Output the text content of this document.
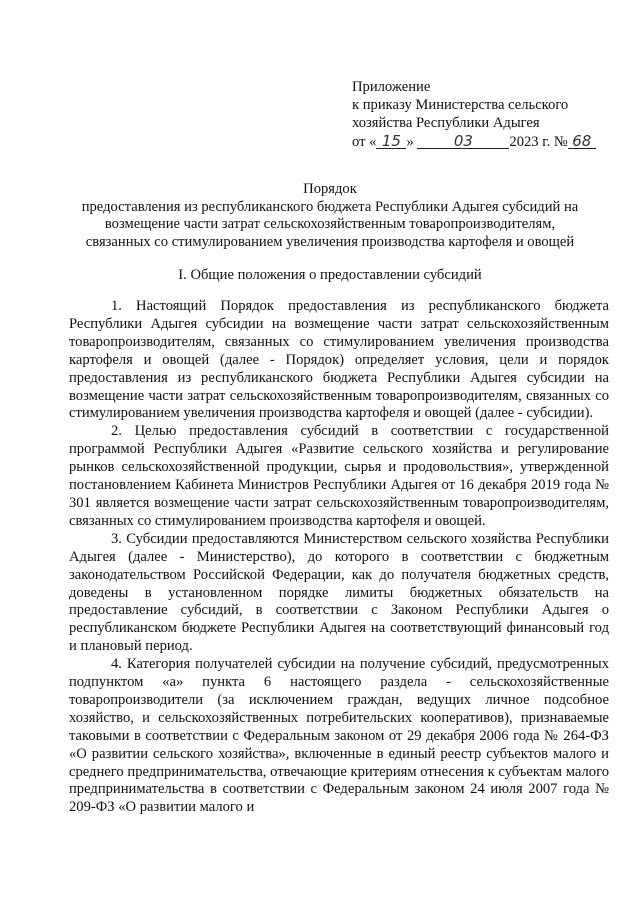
Приложение
к приказу Министерства сельского
хозяйства Республики Адыгея
от « 15 »	03 2023 г. № 68
Порядок
предоставления из республиканского бюджета Республики Адыгея субсидий на
возмещение части затрат сельскохозяйственным товаропроизводителям,
связанных со стимулированием увеличения производства картофеля и овощей
I. Общие положения о предоставлении субсидий

1. Настоящий Порядок предоставления из республиканского бюджета Республики Адыгея субсидии на возмещение части затрат сельскохозяйственным товаропроизводителям, связанных со стимулированием увеличения производства картофеля и овощей (далее - Порядок) определяет условия, цели и порядок предоставления из республиканского бюджета Республики Адыгея субсидии на возмещение части затрат сельскохозяйственным товаропроизводителям, связанных со стимулированием увеличения производства картофеля и овощей (далее - субсидии).

2. Целью предоставления субсидий в соответствии с государственной программой Республики Адыгея «Развитие сельского хозяйства и регулирование рынков сельскохозяйственной продукции, сырья и продовольствия», утвержденной постановлением Кабинета Министров Республики Адыгея от 16 декабря 2019 года № 301 является возмещение части затрат сельскохозяйственным товаропроизводителям, связанных со стимулированием производства картофеля и овощей.

3. Субсидии предоставляются Министерством сельского хозяйства Республики Адыгея (далее - Министерство), до которого в соответствии с бюджетным законодательством Российской Федерации, как до получателя бюджетных средств, доведены в установленном порядке лимиты бюджетных обязательств на предоставление субсидий, в соответствии с Законом Республики Адыгея о республиканском бюджете Республики Адыгея на соответствующий финансовый год и плановый период.

4. Категория получателей субсидии на получение субсидий, предусмотренных подпунктом «а» пункта 6 настоящего раздела - сельскохозяйственные товаропроизводители (за исключением граждан, ведущих личное подсобное хозяйство, и сельскохозяйственных потребительских кооперативов), признаваемые таковыми в соответствии с Федеральным законом от 29 декабря 2006 года № 264-ФЗ «О развитии сельского хозяйства», включенные в единый реестр субъектов малого и среднего предпринимательства, отвечающие критериям отнесения к субъектам малого предпринимательства в соответствии с Федеральным законом 24 июля 2007 года № 209-ФЗ «О развитии малого и
